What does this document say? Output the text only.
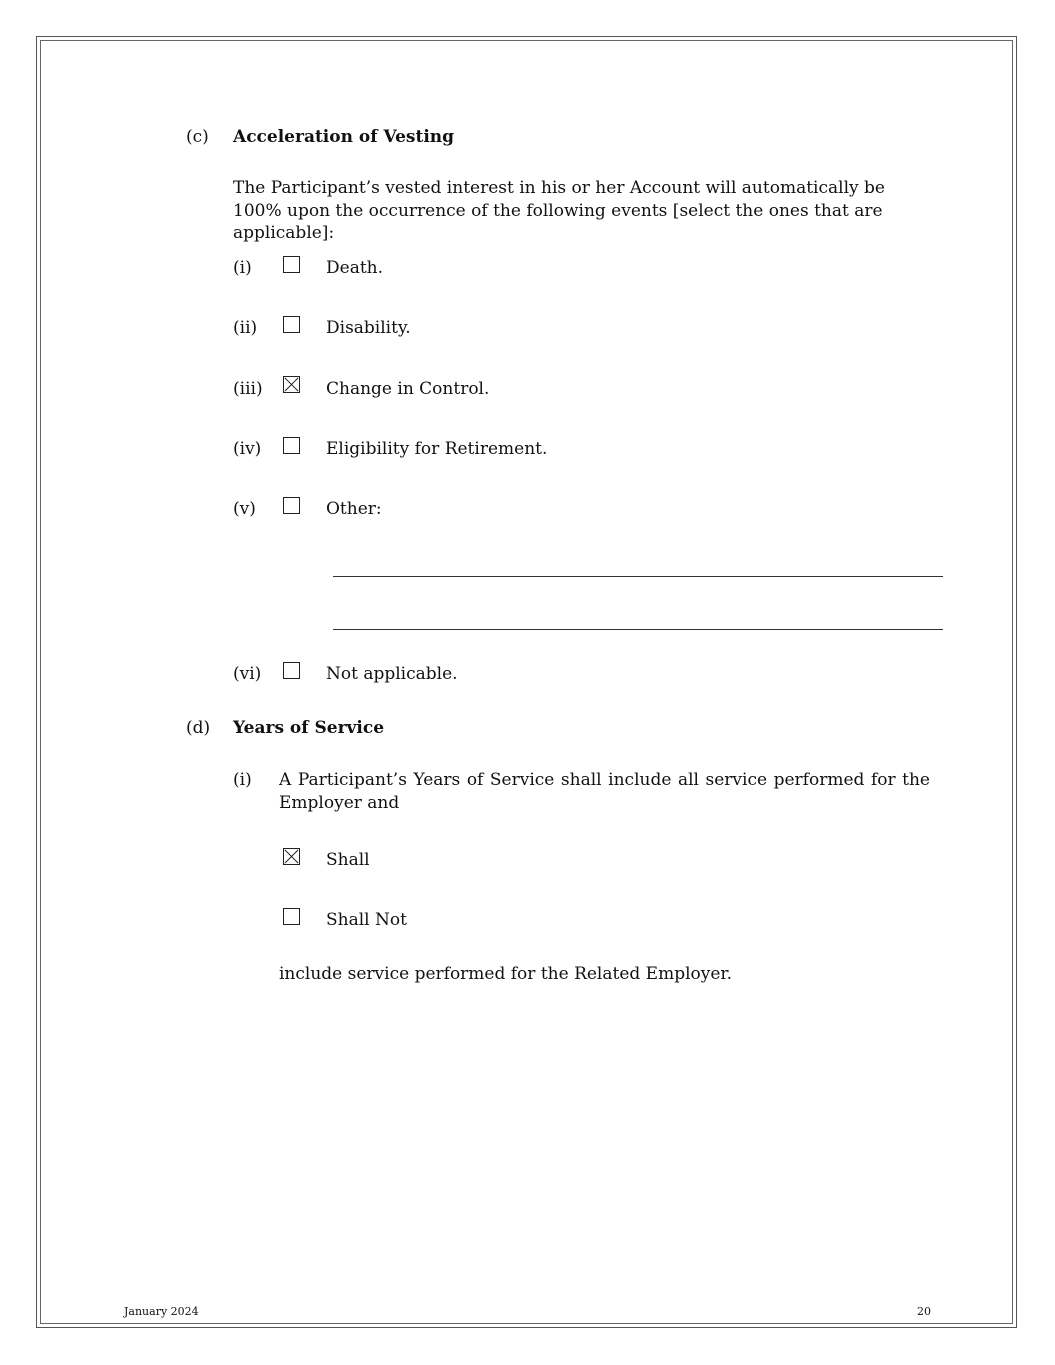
(c) Acceleration of Vesting
The Participant’s vested interest in his or her Account will automatically be 100% upon the occurrence of the following events [select the ones that are applicable]:
(i)	Death.
(ii)	Disability.
(iii)	Change in Control.
(iv)	Eligibility for Retirement.
(v)	Other:
(vi)	Not applicable.
(d) Years of Service
(i) A Participant’s Years of Service shall include all service performed for the Employer and
Shall
Shall Not
include service performed for the Related Employer.
January 2024	20
